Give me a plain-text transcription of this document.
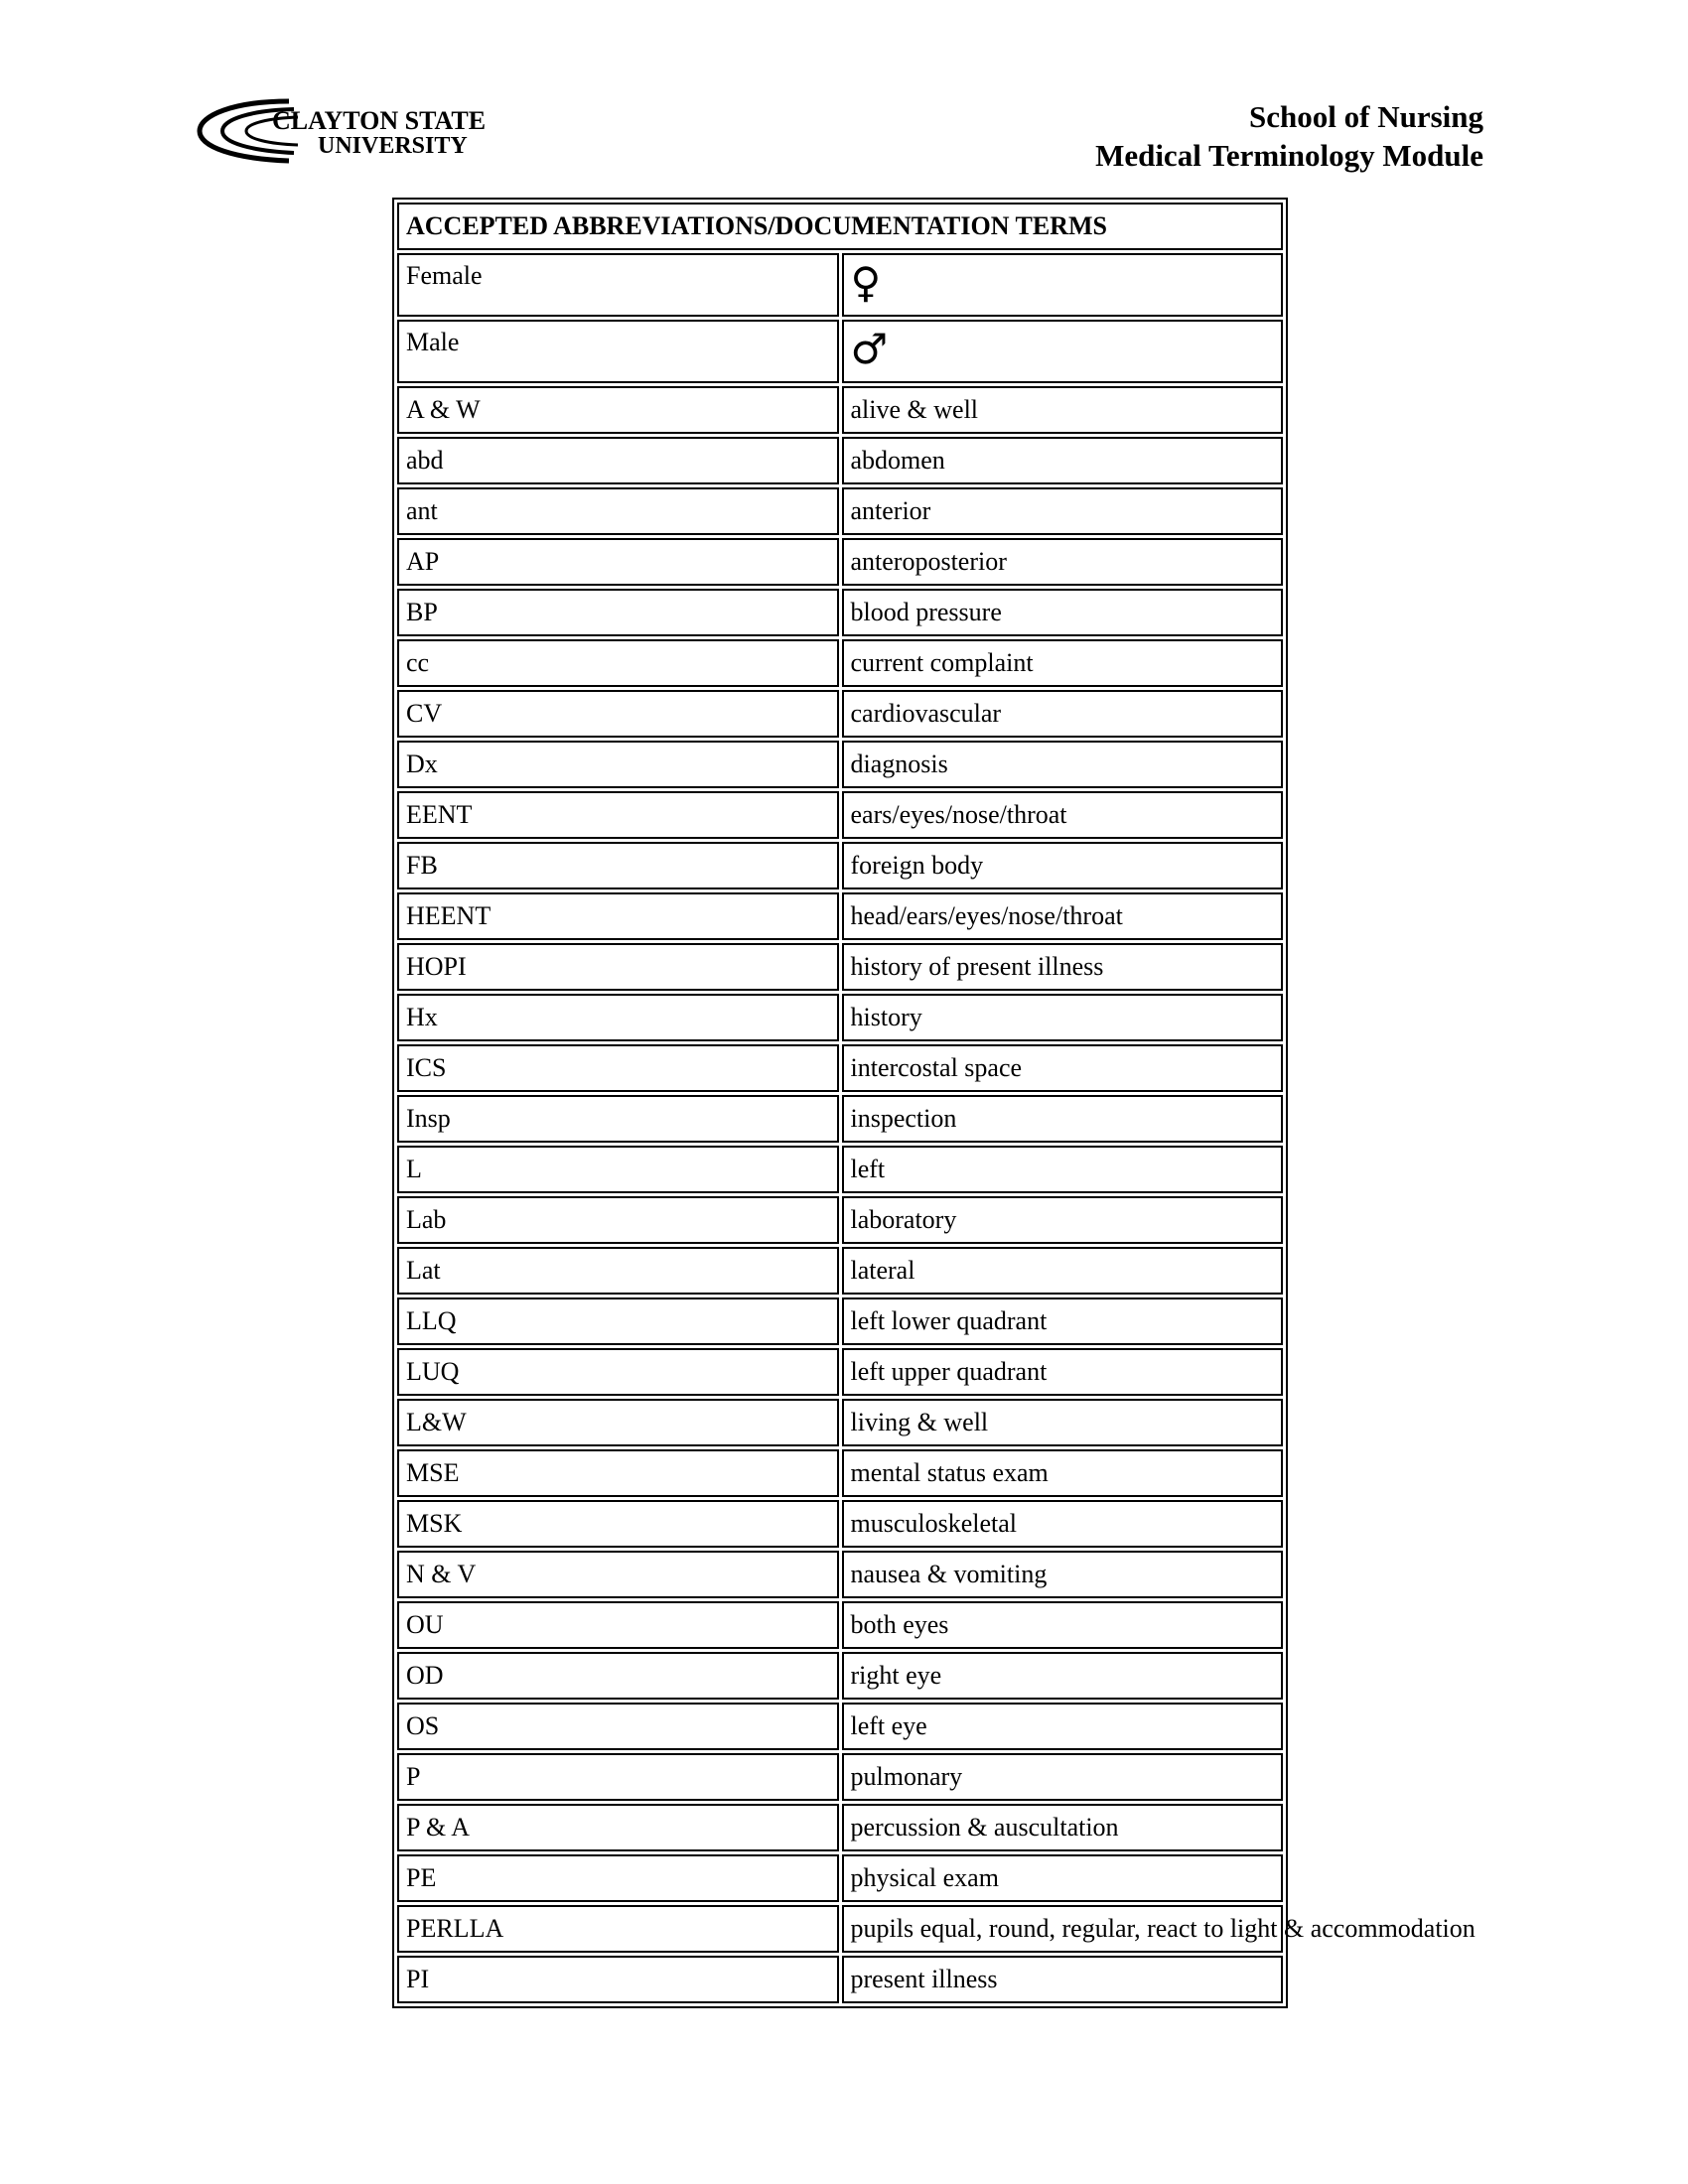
CLAYTON STATE
UNIVERSITY
School of Nursing
Medical Terminology Module
ACCEPTED ABBREVIATIONS/DOCUMENTATION TERMS	
Female	♀
Male	♂
A & W	alive & well
abd	abdomen
ant	anterior
AP	anteroposterior
BP	blood pressure
cc	current complaint
CV	cardiovascular
Dx	diagnosis
EENT	ears/eyes/nose/throat
FB	foreign body
HEENT	head/ears/eyes/nose/throat
HOPI	history of present illness
Hx	history
ICS	intercostal space
Insp	inspection
L	left
Lab	laboratory
Lat	lateral
LLQ	left lower quadrant
LUQ	left upper quadrant
L&W	living & well
MSE	mental status exam
MSK	musculoskeletal
N & V	nausea & vomiting
OU	both eyes
OD	right eye
OS	left eye
P	pulmonary
P & A	percussion & auscultation
PE	physical exam
PERLLA	pupils equal, round, regular, react to light & accommodation
PI	present illness
